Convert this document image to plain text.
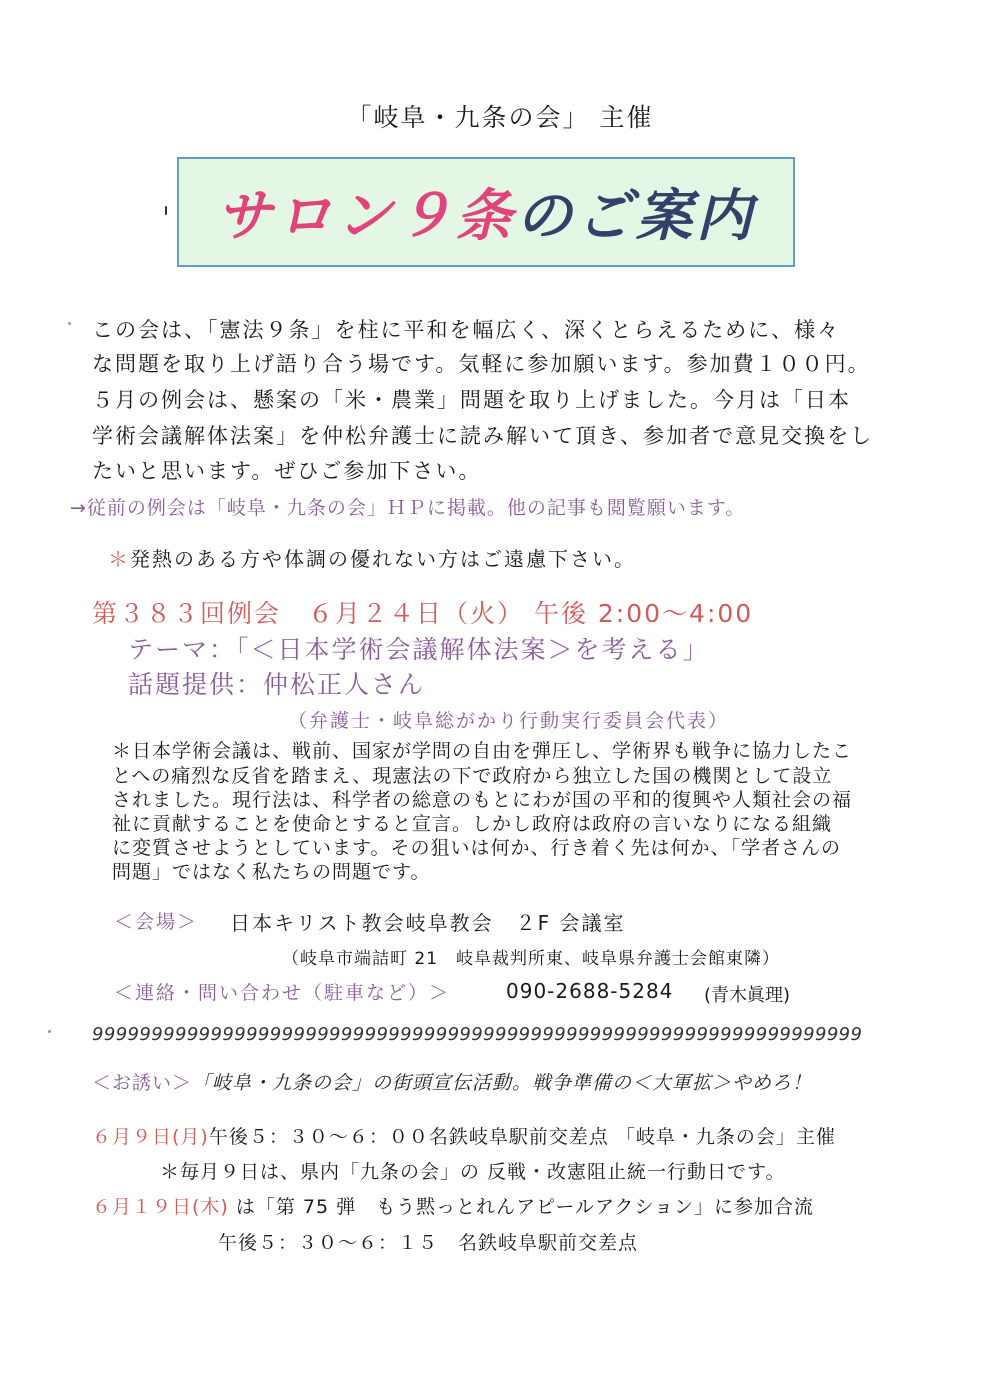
「岐阜・九条の会」 主催
サロン９条 のご案内
この会は、「憲法９条」を柱に平和を幅広く、深くとらえるために、様々
な問題を取り上げ語り合う場です。気軽に参加願います。参加費１００円。
５月の例会は、懸案の「米・農業」問題を取り上げました。今月は「日本
学術会議解体法案」を仲松弁護士に読み解いて頂き、参加者で意見交換をし
たいと思います。ぜひご参加下さい。
→従前の例会は「岐阜・九条の会」ＨＰに掲載。他の記事も閲覧願います。
＊発熱のある方や体調の優れない方はご遠慮下さい。
第３８３回例会　６月２４日（火） 午後 2:00～4:00
テーマ：「＜日本学術会議解体法案＞を考える」
話題提供：仲松正人さん
（弁護士・岐阜総がかり行動実行委員会代表）
＊日本学術会議は、戦前、国家が学問の自由を弾圧し、学術界も戦争に協力したこ
とへの痛烈な反省を踏まえ、現憲法の下で政府から独立した国の機関として設立
されました。現行法は、科学者の総意のもとにわが国の平和的復興や人類社会の福
祉に貢献することを使命とすると宣言。しかし政府は政府の言いなりになる組織
に変質させようとしています。その狙いは何か、行き着く先は何か、「学者さんの
問題」ではなく私たちの問題です。
＜会場＞ 日本キリスト教会岐阜教会　２F 会議室
（岐阜市端詰町 21　岐阜裁判所東、岐阜県弁護士会館東隣）
＜連絡・問い合わせ（駐車など）＞	090-2688-5284 (青木眞理)
99999999999999999999999999999999999999999999999999999999999999999
＜お誘い＞「岐阜・九条の会」の街頭宣伝活動。戦争準備の＜大軍拡＞やめろ！
６月９日(月)午後５：３０～６：００名鉄岐阜駅前交差点 「岐阜・九条の会」主催
＊毎月９日は、県内「九条の会」の 反戦・改憲阻止統一行動日です。
６月１９日(木) は「第 75 弾　もう黙っとれんアピールアクション」に参加合流
午後５：３０～６：１５　名鉄岐阜駅前交差点
